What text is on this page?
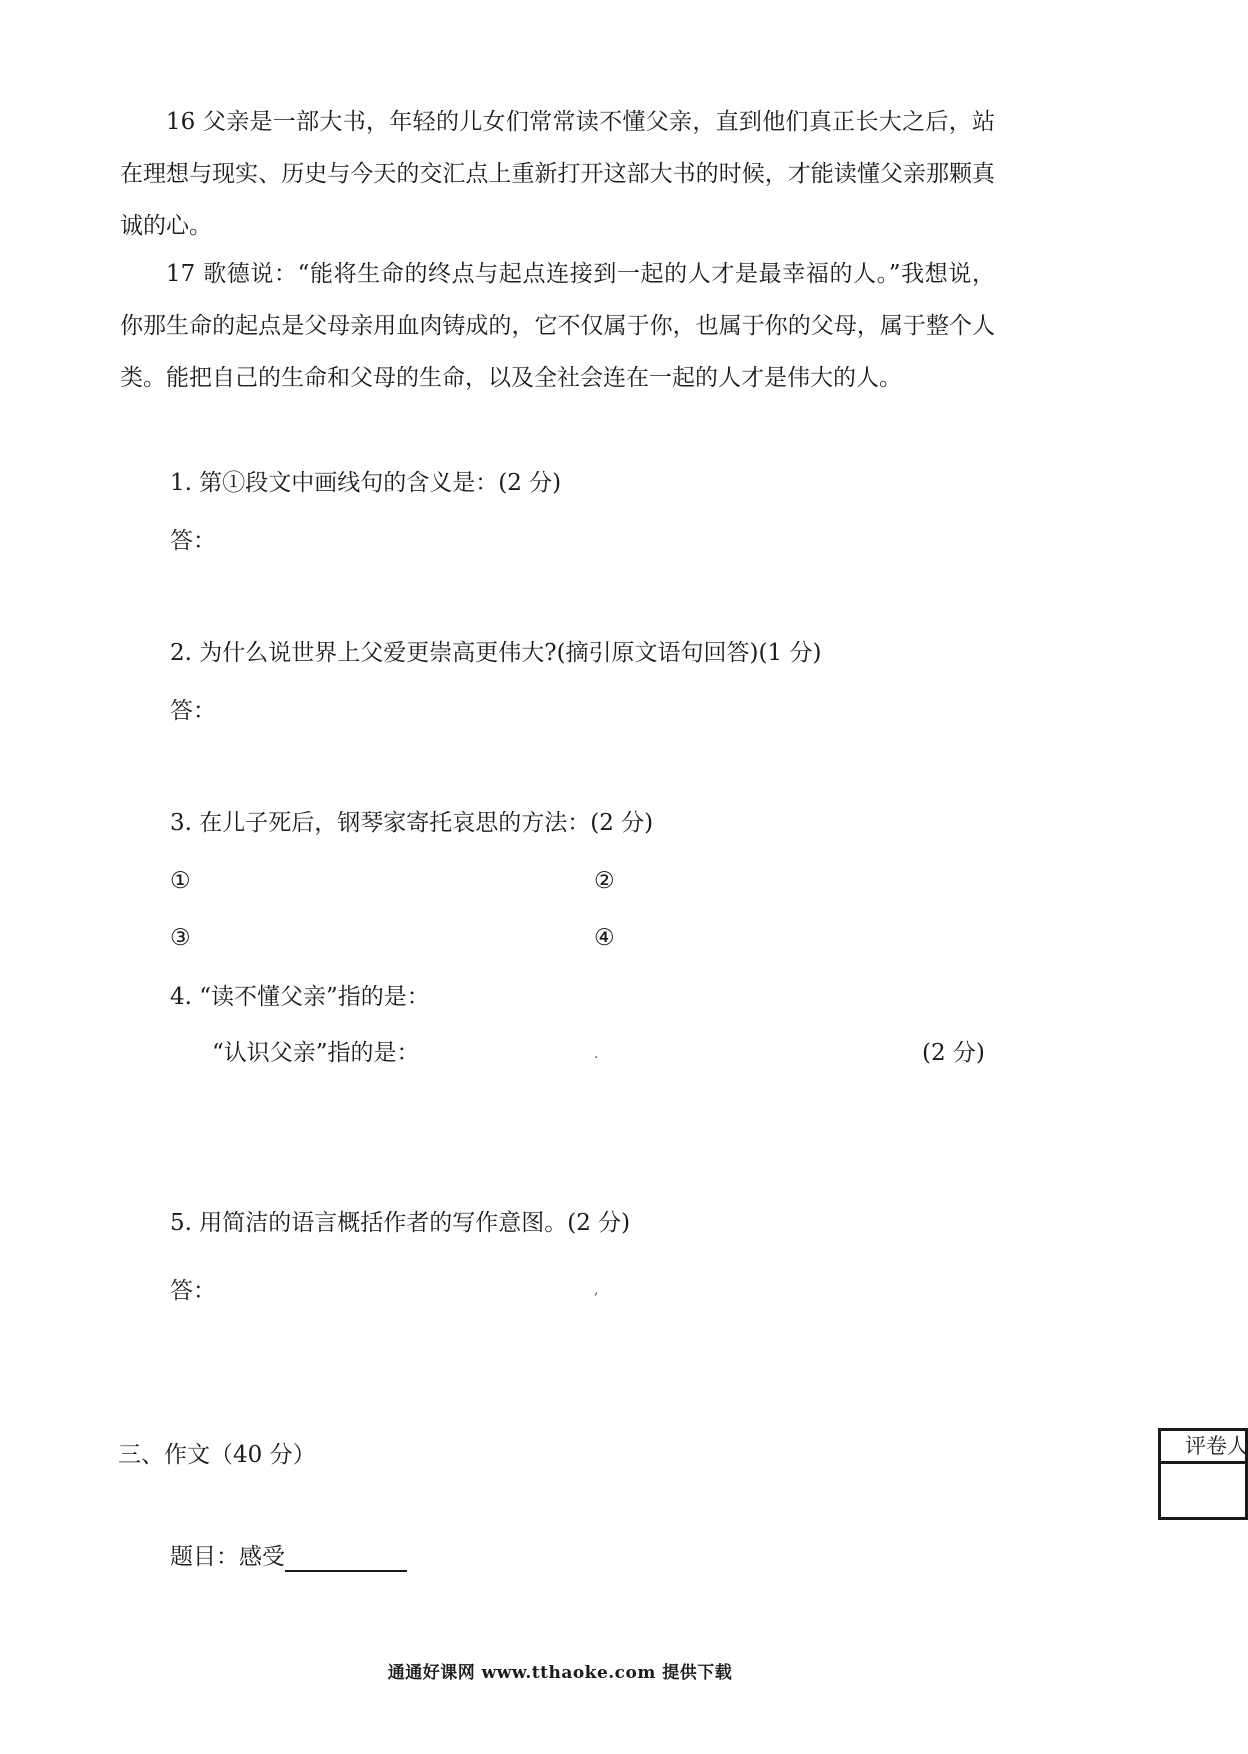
16 父亲是一部大书，年轻的儿女们常常读不懂父亲，直到他们真正长大之后，站在理想与现实、历史与今天的交汇点上重新打开这部大书的时候，才能读懂父亲那颗真诚的心。

17 歌德说：“能将生命的终点与起点连接到一起的人才是最幸福的人。”我想说，你那生命的起点是父母亲用血肉铸成的，它不仅属于你，也属于你的父母，属于整个人类。能把自己的生命和父母的生命，以及全社会连在一起的人才是伟大的人。

1. 第①段文中画线句的含义是：(2 分)
答：
2. 为什么说世界上父爱更崇高更伟大?(摘引原文语句回答)(1 分)
答：
3. 在儿子死后，钢琴家寄托哀思的方法：(2 分)
①	②
③	④
4. “读不懂父亲”指的是：
“认识父亲”指的是：	.	(2 分)
5. 用简洁的语言概括作者的写作意图。(2 分)
答：	,
三、作文（40 分）
题目：感受
评卷人
通通好课网 www.tthaoke.com 提供下载
